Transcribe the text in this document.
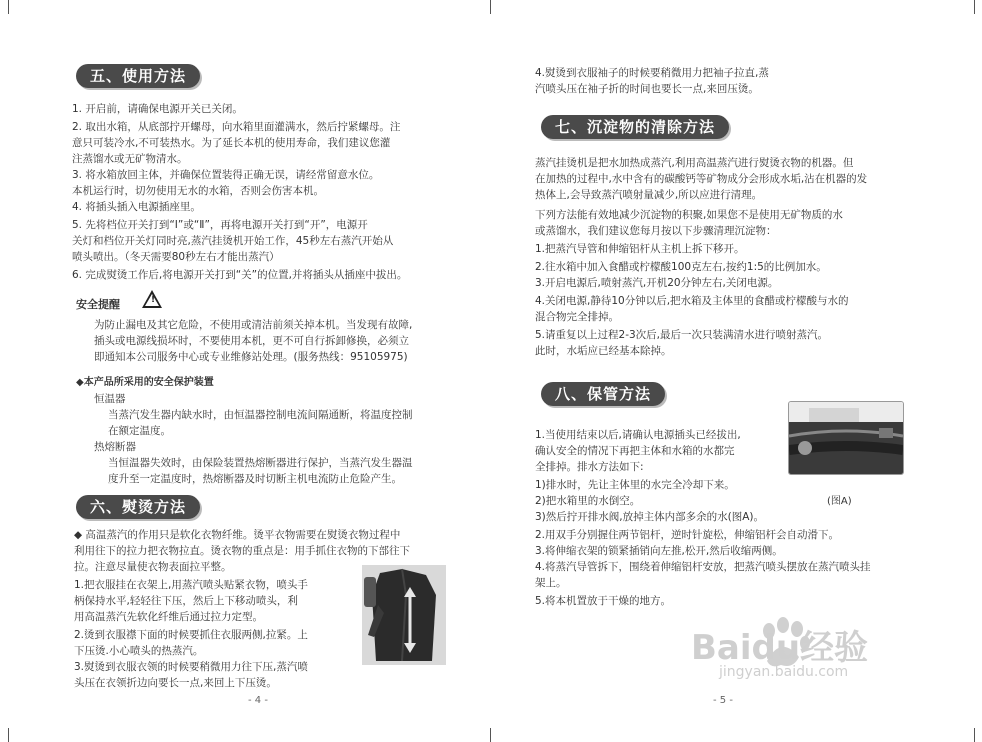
五、使用方法
1. 开启前，请确保电源开关已关闭。
2. 取出水箱，从底部拧开螺母，向水箱里面灌满水，然后拧紧螺母。注
意只可装冷水,不可装热水。为了延长本机的使用寿命，我们建议您灌
注蒸馏水或无矿物清水。
3. 将水箱放回主体，并确保位置装得正确无误，请经常留意水位。
本机运行时，切勿使用无水的水箱，否则会伤害本机。
4. 将插头插入电源插座里。
5. 先将档位开关打到“Ⅰ”或“Ⅱ”，再将电源开关打到“开”，电源开
关灯和档位开关灯同时亮,蒸汽挂烫机开始工作，45秒左右蒸汽开始从
喷头喷出。（冬天需要80秒左右才能出蒸汽）
6. 完成熨烫工作后,将电源开关打到“关”的位置,并将插头从插座中拔出。
安全提醒	!
为防止漏电及其它危险，不使用或清洁前须关掉本机。当发现有故障,
插头或电源线损坏时，不要使用本机，更不可自行拆卸修换，必须立
即通知本公司服务中心或专业维修站处理。(服务热线：95105975)
◆本产品所采用的安全保护装置
恒温器
当蒸汽发生器内缺水时，由恒温器控制电流间隔通断，将温度控制
在额定温度。
热熔断器
当恒温器失效时，由保险装置热熔断器进行保护，当蒸汽发生器温
度升至一定温度时，热熔断器及时切断主机电流防止危险产生。
六、熨烫方法
◆ 高温蒸汽的作用只是软化衣物纤维。烫平衣物需要在熨烫衣物过程中
利用往下的拉力把衣物拉直。烫衣物的重点是：用手抓住衣物的下部往下
拉。注意尽量使衣物表面拉平整。
1.把衣服挂在衣架上,用蒸汽喷头贴紧衣物，喷头手
柄保持水平,轻轻往下压，然后上下移动喷头，利
用高温蒸汽先软化纤维后通过拉力定型。
2.烫到衣服襟下面的时候要抓住衣服两侧,拉紧。上
下压烫.小心喷头的热蒸汽。
3.熨烫到衣服衣领的时候要稍微用力往下压,蒸汽喷
头压在衣领折边向要长一点,来回上下压烫。
- 4 -
4.熨烫到衣服袖子的时候要稍微用力把袖子拉直,蒸
汽喷头压在袖子折的时间也要长一点,来回压烫。
七、沉淀物的清除方法
蒸汽挂烫机是把水加热成蒸汽,利用高温蒸汽进行熨烫衣物的机器。但
在加热的过程中,水中含有的碳酸钙等矿物成分会形成水垢,沾在机器的发
热体上,会导致蒸汽喷射量减少,所以应进行清理。
下列方法能有效地减少沉淀物的积聚,如果您不是使用无矿物质的水
或蒸馏水，我们建议您每月按以下步骤清理沉淀物：
1.把蒸汽导管和伸缩铝杆从主机上拆下移开。
2.往水箱中加入食醋或柠檬酸100克左右,按约1:5的比例加水。
3.开启电源后,喷射蒸汽,开机20分钟左右,关闭电源。
4.关闭电源,静待10分钟以后,把水箱及主体里的食醋或柠檬酸与水的
混合物完全排掉。
5.请重复以上过程2-3次后,最后一次只装满清水进行喷射蒸汽。
此时，水垢应已经基本除掉。
八、保管方法
1.当使用结束以后,请确认电源插头已经拔出,
确认安全的情况下再把主体和水箱的水都完
全排掉。排水方法如下:
1)排水时，先让主体里的水完全冷却下来。
2)把水箱里的水倒空。
3)然后拧开排水阀,放掉主体内部多余的水(图A)。
2.用双手分别握住两节铝杆，逆时针旋松，伸缩铝杆会自动滑下。
3.将伸缩衣架的锁紧插销向左推,松开,然后收缩两侧。
4.将蒸汽导管拆下，围绕着伸缩铝杆安放，把蒸汽喷头摆放在蒸汽喷头挂
架上。
5.将本机置放于干燥的地方。
(图A)
Baidu经验
jingyan.baidu.com
- 5 -
